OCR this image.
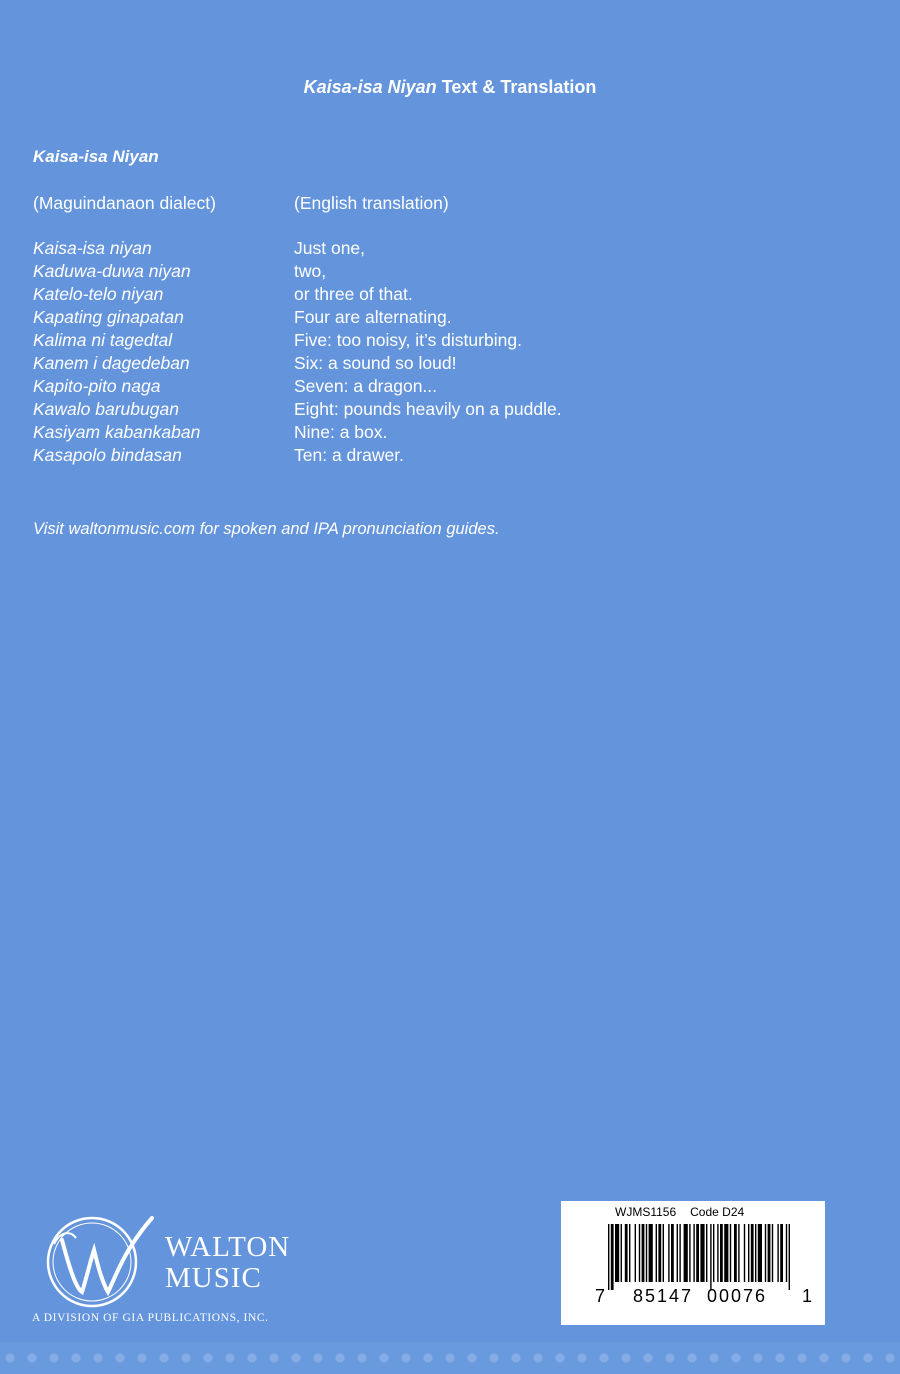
Kaisa-isa Niyan Text & Translation
Kaisa-isa Niyan
(Maguindanaon dialect)	(English translation)
Kaisa-isa niyan	Just one,
Kaduwa-duwa niyan	two,
Katelo-telo niyan	or three of that.
Kapating ginapatan	Four are alternating.
Kalima ni tagedtal	Five: too noisy, it’s disturbing.
Kanem i dagedeban	Six: a sound so loud!
Kapito-pito naga	Seven: a dragon...
Kawalo barubugan	Eight: pounds heavily on a puddle.
Kasiyam kabankaban	Nine: a box.
Kasapolo bindasan	Ten: a drawer.
Visit waltonmusic.com for spoken and IPA pronunciation guides.
WALTON
MUSIC
A DIVISION OF GIA PUBLICATIONS, INC.
WJMS1156 Code D24
7 85147 00076 1
